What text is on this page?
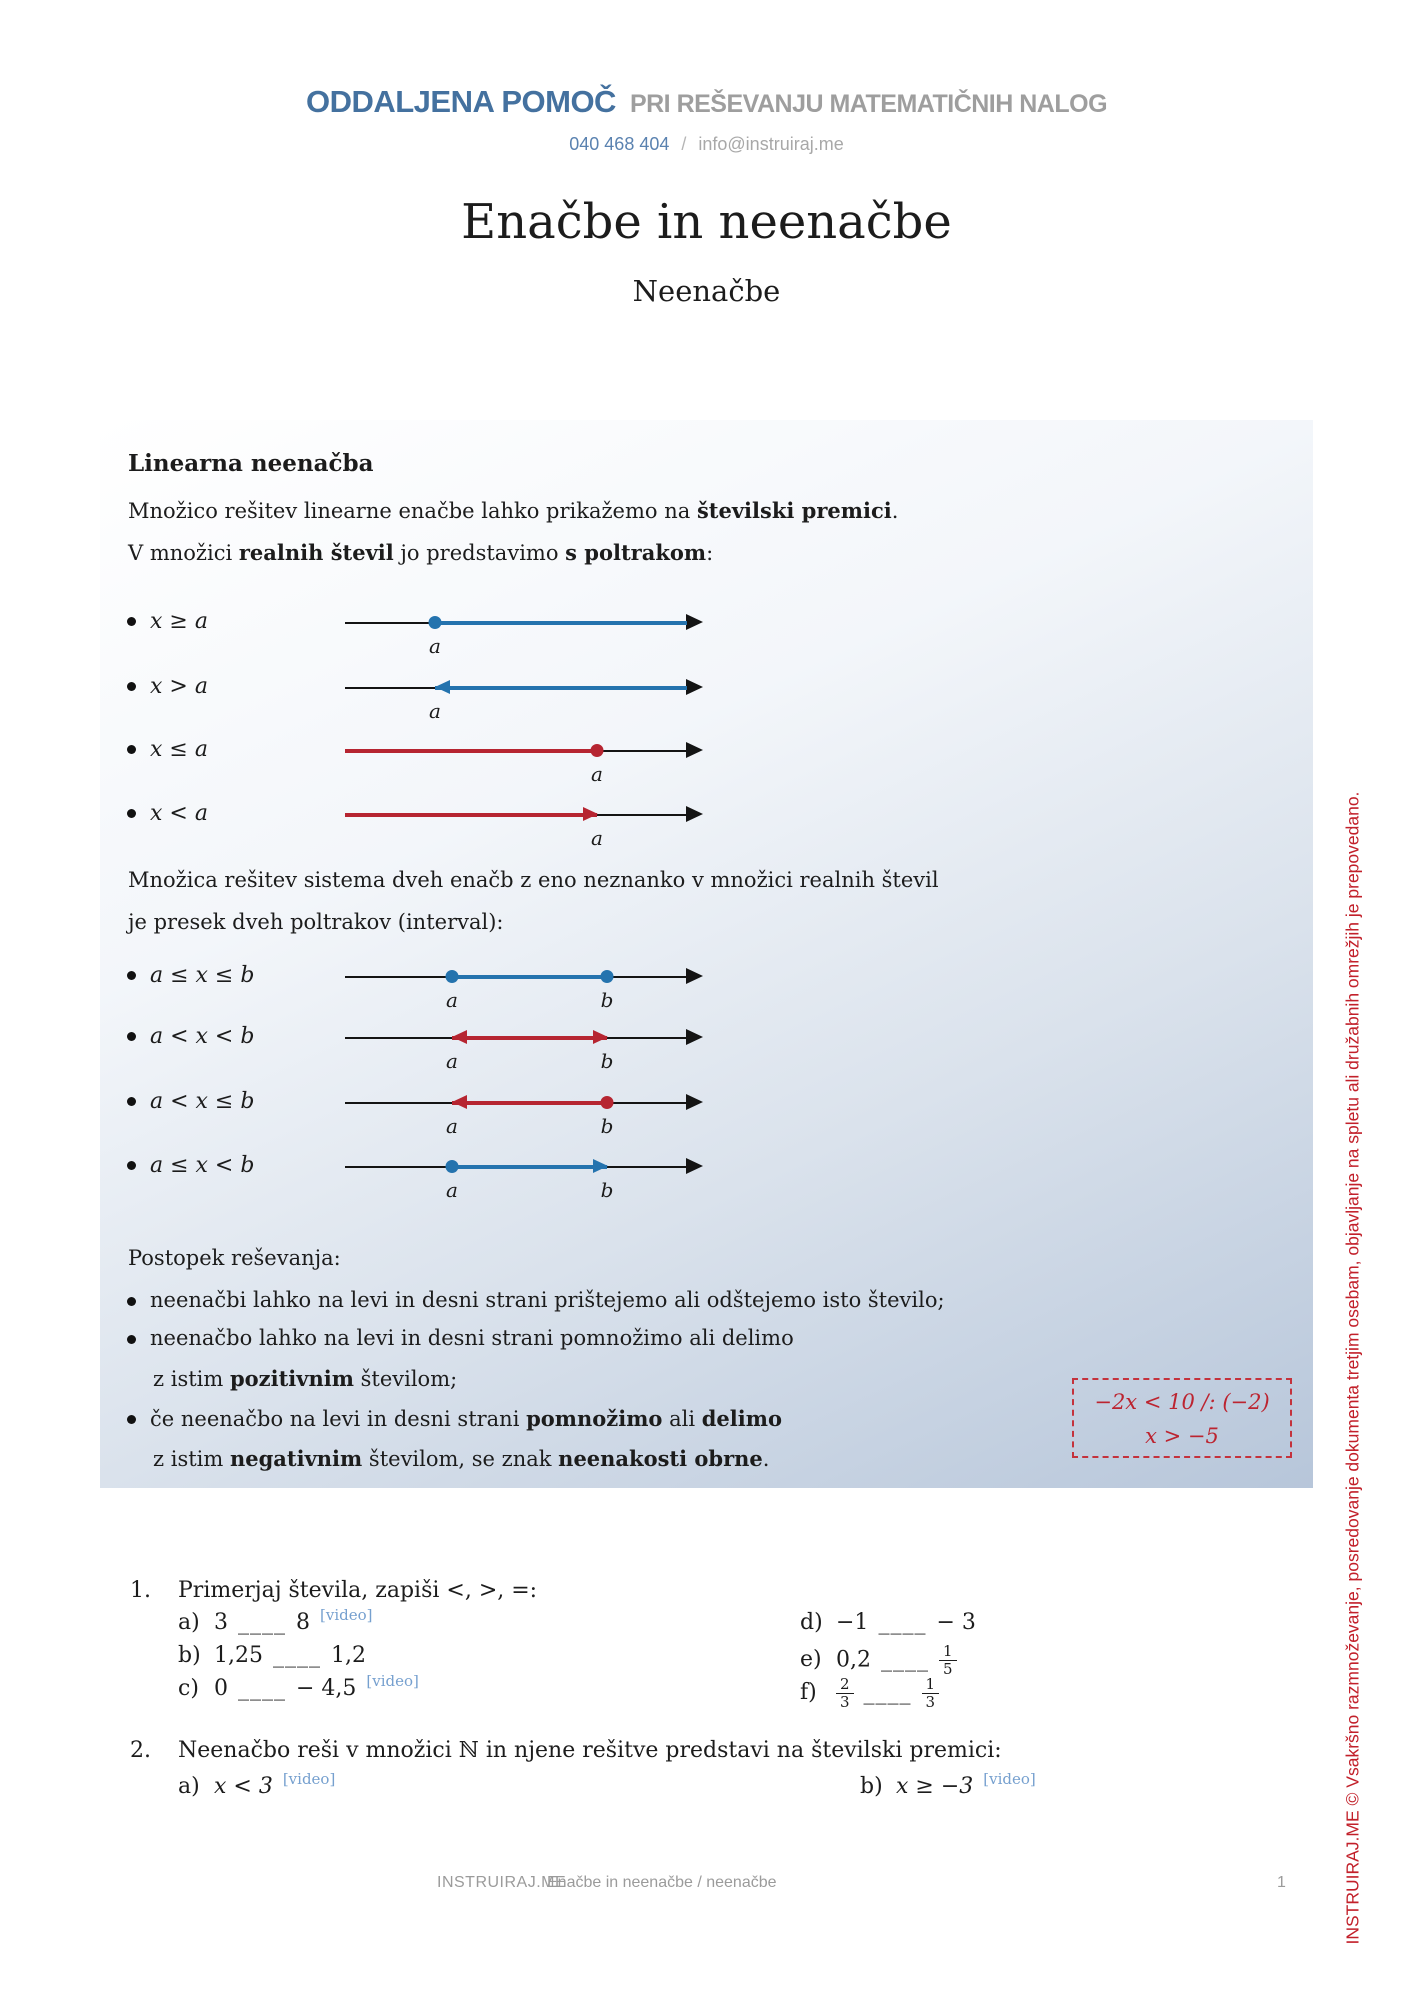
ODDALJENA POMOČ PRI REŠEVANJU MATEMATIČNIH NALOG
040 468 404 / info@instruiraj.me
Enačbe in neenačbe
Neenačbe
Linearna neenačba
Množico rešitev linearne enačbe lahko prikažemo na številski premici.
V množici realnih števil jo predstavimo s poltrakom:
x ≥ a
a
x > a
a
x ≤ a
a
x < a
a
Množica rešitev sistema dveh enačb z eno neznanko v množici realnih števil
je presek dveh poltrakov (interval):
a ≤ x ≤ b
a	b
a < x < b
a	b
a < x ≤ b
a	b
a ≤ x < b
a	b
Postopek reševanja:
neenačbi lahko na levi in desni strani prištejemo ali odštejemo isto število;
neenačbo lahko na levi in desni strani pomnožimo ali delimo
z istim pozitivnim številom;
če neenačbo na levi in desni strani pomnožimo ali delimo
z istim negativnim številom, se znak neenakosti obrne.
−2x < 10 /: (−2)
x > −5
1. Primerjaj števila, zapiši <, >, =:
a) 3 ____ 8 [video]
b) 1,25 ____ 1,2
c) 0 ____ − 4,5 [video]
d) −1 ____ − 3
e) 0,2 ____ $\frac{1}{5}$
$f) \frac{2}{3}$ ____ $\frac{1}{3}$
2. Neenačbo reši v množici ℕ in njene rešitve predstavi na številski premici:
a) x < 3 [video]	b) x ≥ −3 [video]
INSTRUIRAJ.ME
Enačbe in neenačbe / neenačbe	1	INSTRUIRAJ.ME © Vsakršno razmnoževanje, posredovanje dokumenta tretjim osebam, objavljanje na spletu ali družabnih omrežjih je prepovedano.
